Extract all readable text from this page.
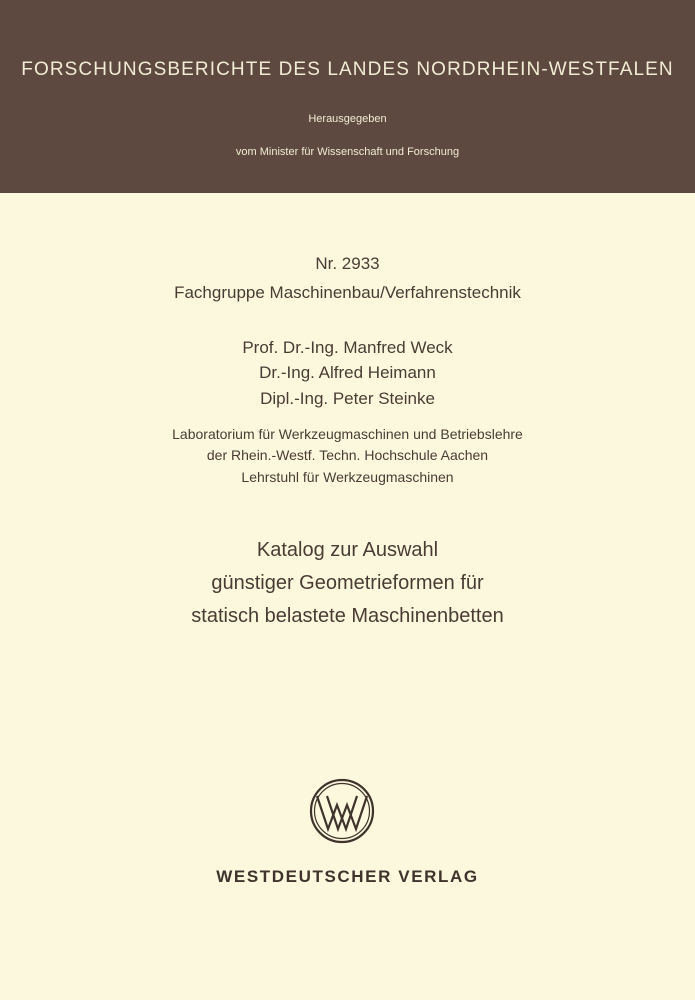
FORSCHUNGSBERICHTE DES LANDES NORDRHEIN-WESTFALEN
Herausgegeben
vom Minister für Wissenschaft und Forschung
Nr. 2933
Fachgruppe Maschinenbau/Verfahrenstechnik
Prof. Dr.-Ing. Manfred Weck
Dr.-Ing. Alfred Heimann
Dipl.-Ing. Peter Steinke
Laboratorium für Werkzeugmaschinen und Betriebslehre
der Rhein.-Westf. Techn. Hochschule Aachen
Lehrstuhl für Werkzeugmaschinen
Katalog zur Auswahl
günstiger Geometrieformen für
statisch belastete Maschinenbetten
WESTDEUTSCHER VERLAG
